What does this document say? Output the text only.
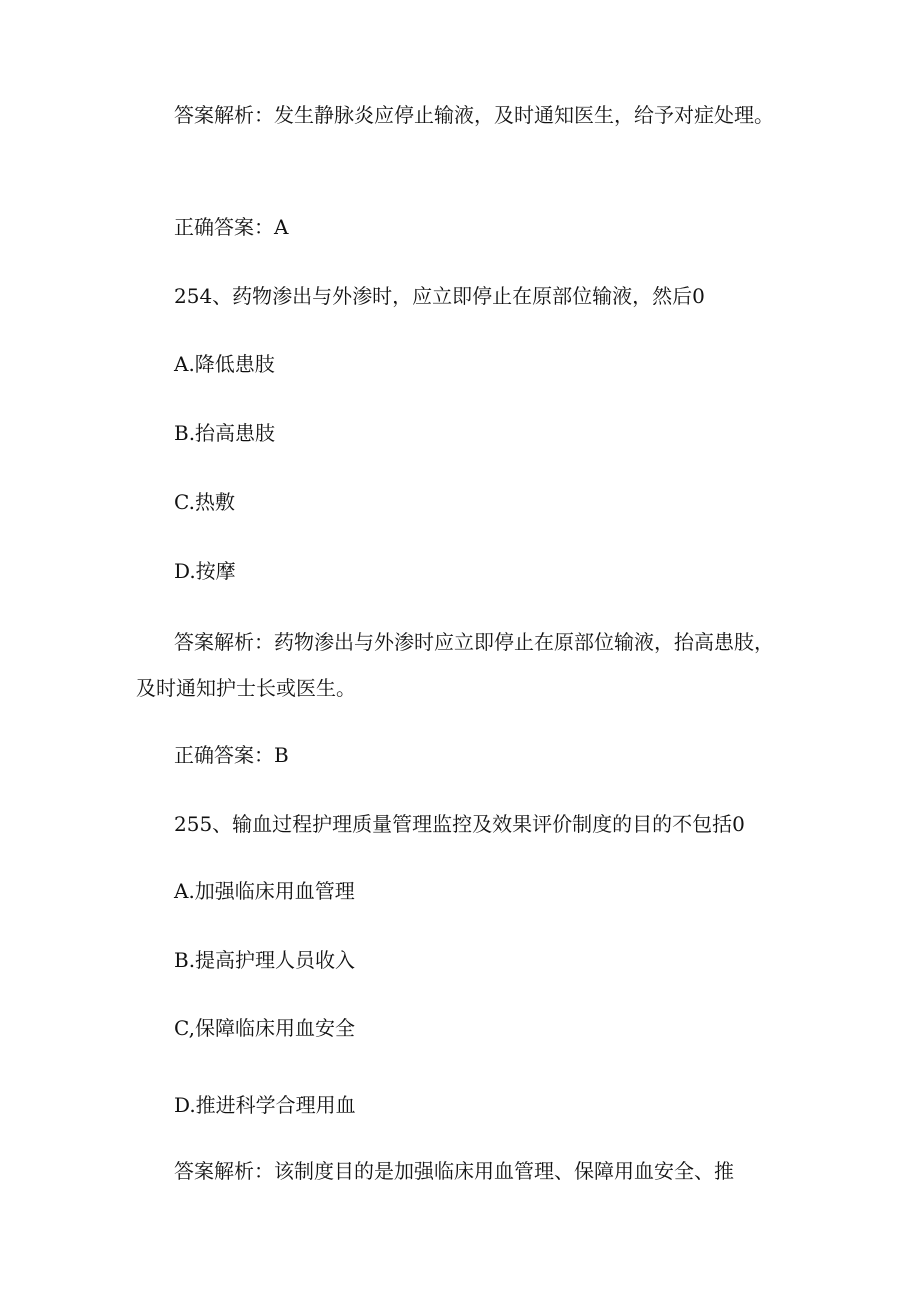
答案解析：发生静脉炎应停止输液，及时通知医生，给予对症处理。
正确答案：A
254、药物渗出与外渗时，应立即停止在原部位输液，然后0
A.降低患肢
B.抬高患肢
C.热敷
D.按摩
答案解析：药物渗出与外渗时应立即停止在原部位输液，抬高患肢，及时通知护士长或医生。
正确答案：B
255、输血过程护理质量管理监控及效果评价制度的目的不包括0
A.加强临床用血管理
B.提高护理人员收入
C,保障临床用血安全
D.推进科学合理用血
答案解析：该制度目的是加强临床用血管理、保障用血安全、推
